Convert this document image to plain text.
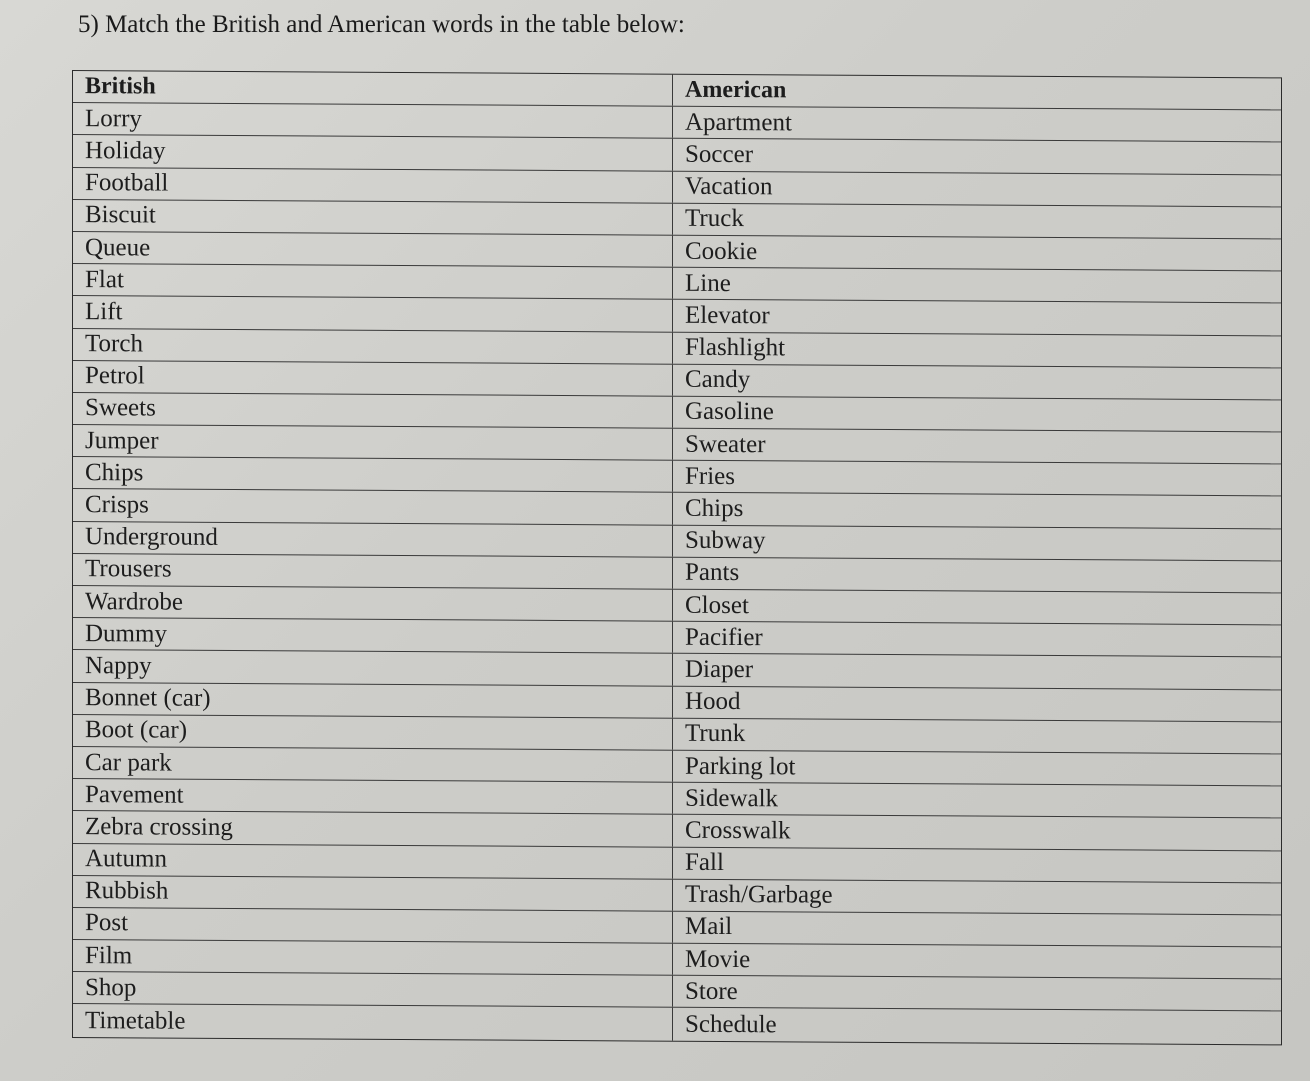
5) Match the British and American words in the table below:
British	American
Lorry	Apartment
Holiday	Soccer
Football	Vacation
Biscuit	Truck
Queue	Cookie
Flat	Line
Lift	Elevator
Torch	Flashlight
Petrol	Candy
Sweets	Gasoline
Jumper	Sweater
Chips	Fries
Crisps	Chips
Underground	Subway
Trousers	Pants
Wardrobe	Closet
Dummy	Pacifier
Nappy	Diaper
Bonnet (car)	Hood
Boot (car)	Trunk
Car park	Parking lot
Pavement	Sidewalk
Zebra crossing	Crosswalk
Autumn	Fall
Rubbish	Trash/Garbage
Post	Mail
Film	Movie
Shop	Store
Timetable	Schedule
